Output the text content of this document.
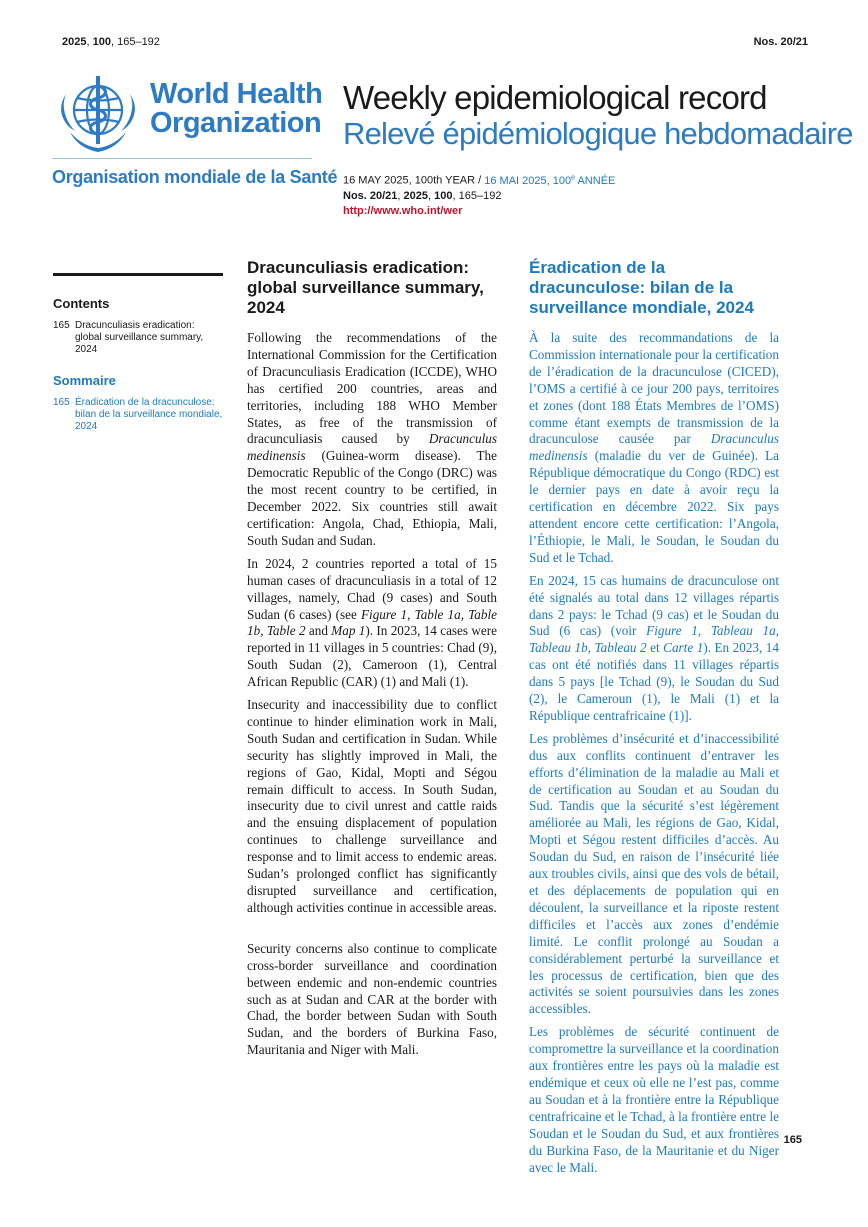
2025, 100, 165–192	Nos. 20/21
World Health
Organization
Organisation mondiale de la Santé
Weekly epidemiological record
Relevé épidémiologique hebdomadaire
16 MAY 2025, 100th YEAR / 16 MAI 2025, 100e ANNÉE
Nos. 20/21, 2025, 100, 165–192
http://www.who.int/wer
Contents
165 Dracunculiasis eradication: global surveillance summary, 2024
Sommaire
165 Éradication de la dracunculose: bilan de la surveillance mondiale, 2024
Dracunculiasis eradication: global surveillance summary, 2024

Following the recommendations of the International Commission for the Certification of Dracunculiasis Eradication (ICCDE), WHO has certified 200 countries, areas and territories, including 188 WHO Member States, as free of the transmission of dracunculiasis caused by Dracunculus medinensis (Guinea-worm disease). The Democratic Republic of the Congo (DRC) was the most recent country to be certified, in December 2022. Six countries still await certification: Angola, Chad, Ethiopia, Mali, South Sudan and Sudan.

In 2024, 2 countries reported a total of 15 human cases of dracunculiasis in a total of 12 villages, namely, Chad (9 cases) and South Sudan (6 cases) (see Figure 1, Table 1a, Table 1b, Table 2 and Map 1). In 2023, 14 cases were reported in 11 villages in 5 countries: Chad (9), South Sudan (2), Cameroon (1), Central African Republic (CAR) (1) and Mali (1).

Insecurity and inaccessibility due to conflict continue to hinder elimination work in Mali, South Sudan and certification in Sudan. While security has slightly improved in Mali, the regions of Gao, Kidal, Mopti and Ségou remain difficult to access. In South Sudan, insecurity due to civil unrest and cattle raids and the ensuing displacement of population continues to challenge surveillance and response and to limit access to endemic areas. Sudan’s prolonged conflict has significantly disrupted surveillance and certification, although activities continue in accessible areas.

Security concerns also continue to complicate cross-border surveillance and coordination between endemic and non-endemic countries such as at Sudan and CAR at the border with Chad, the border between Sudan with South Sudan, and the borders of Burkina Faso, Mauritania and Niger with Mali.

Éradication de la dracunculose: bilan de la surveillance mondiale, 2024

À la suite des recommandations de la Commission internationale pour la certification de l’éradication de la dracunculose (CICED), l’OMS a certifié à ce jour 200 pays, territoires et zones (dont 188 États Membres de l’OMS) comme étant exempts de transmission de la dracunculose causée par Dracunculus medinensis (maladie du ver de Guinée). La République démocratique du Congo (RDC) est le dernier pays en date à avoir reçu la certification en décembre 2022. Six pays attendent encore cette certification: l’Angola, l’Éthiopie, le Mali, le Soudan, le Soudan du Sud et le Tchad.

En 2024, 15 cas humains de dracunculose ont été signalés au total dans 12 villages répartis dans 2 pays: le Tchad (9 cas) et le Soudan du Sud (6 cas) (voir Figure 1, Tableau 1a, Tableau 1b, Tableau 2 et Carte 1). En 2023, 14 cas ont été notifiés dans 11 villages répartis dans 5 pays [le Tchad (9), le Soudan du Sud (2), le Cameroun (1), le Mali (1) et la République centrafricaine (1)].

Les problèmes d’insécurité et d’inaccessibilité dus aux conflits continuent d’entraver les efforts d’élimination de la maladie au Mali et de certification au Soudan et au Soudan du Sud. Tandis que la sécurité s’est légèrement améliorée au Mali, les régions de Gao, Kidal, Mopti et Ségou restent difficiles d’accès. Au Soudan du Sud, en raison de l’insécurité liée aux troubles civils, ainsi que des vols de bétail, et des déplacements de population qui en découlent, la surveillance et la riposte restent difficiles et l’accès aux zones d’endémie limité. Le conflit prolongé au Soudan a considérablement perturbé la surveillance et les processus de certification, bien que des activités se soient poursuivies dans les zones accessibles.

Les problèmes de sécurité continuent de compromettre la surveillance et la coordination aux frontières entre les pays où la maladie est endémique et ceux où elle ne l’est pas, comme au Soudan et à la frontière entre la République centrafricaine et le Tchad, à la frontière entre le Soudan et le Soudan du Sud, et aux frontières du Burkina Faso, de la Mauritanie et du Niger avec le Mali.

165
